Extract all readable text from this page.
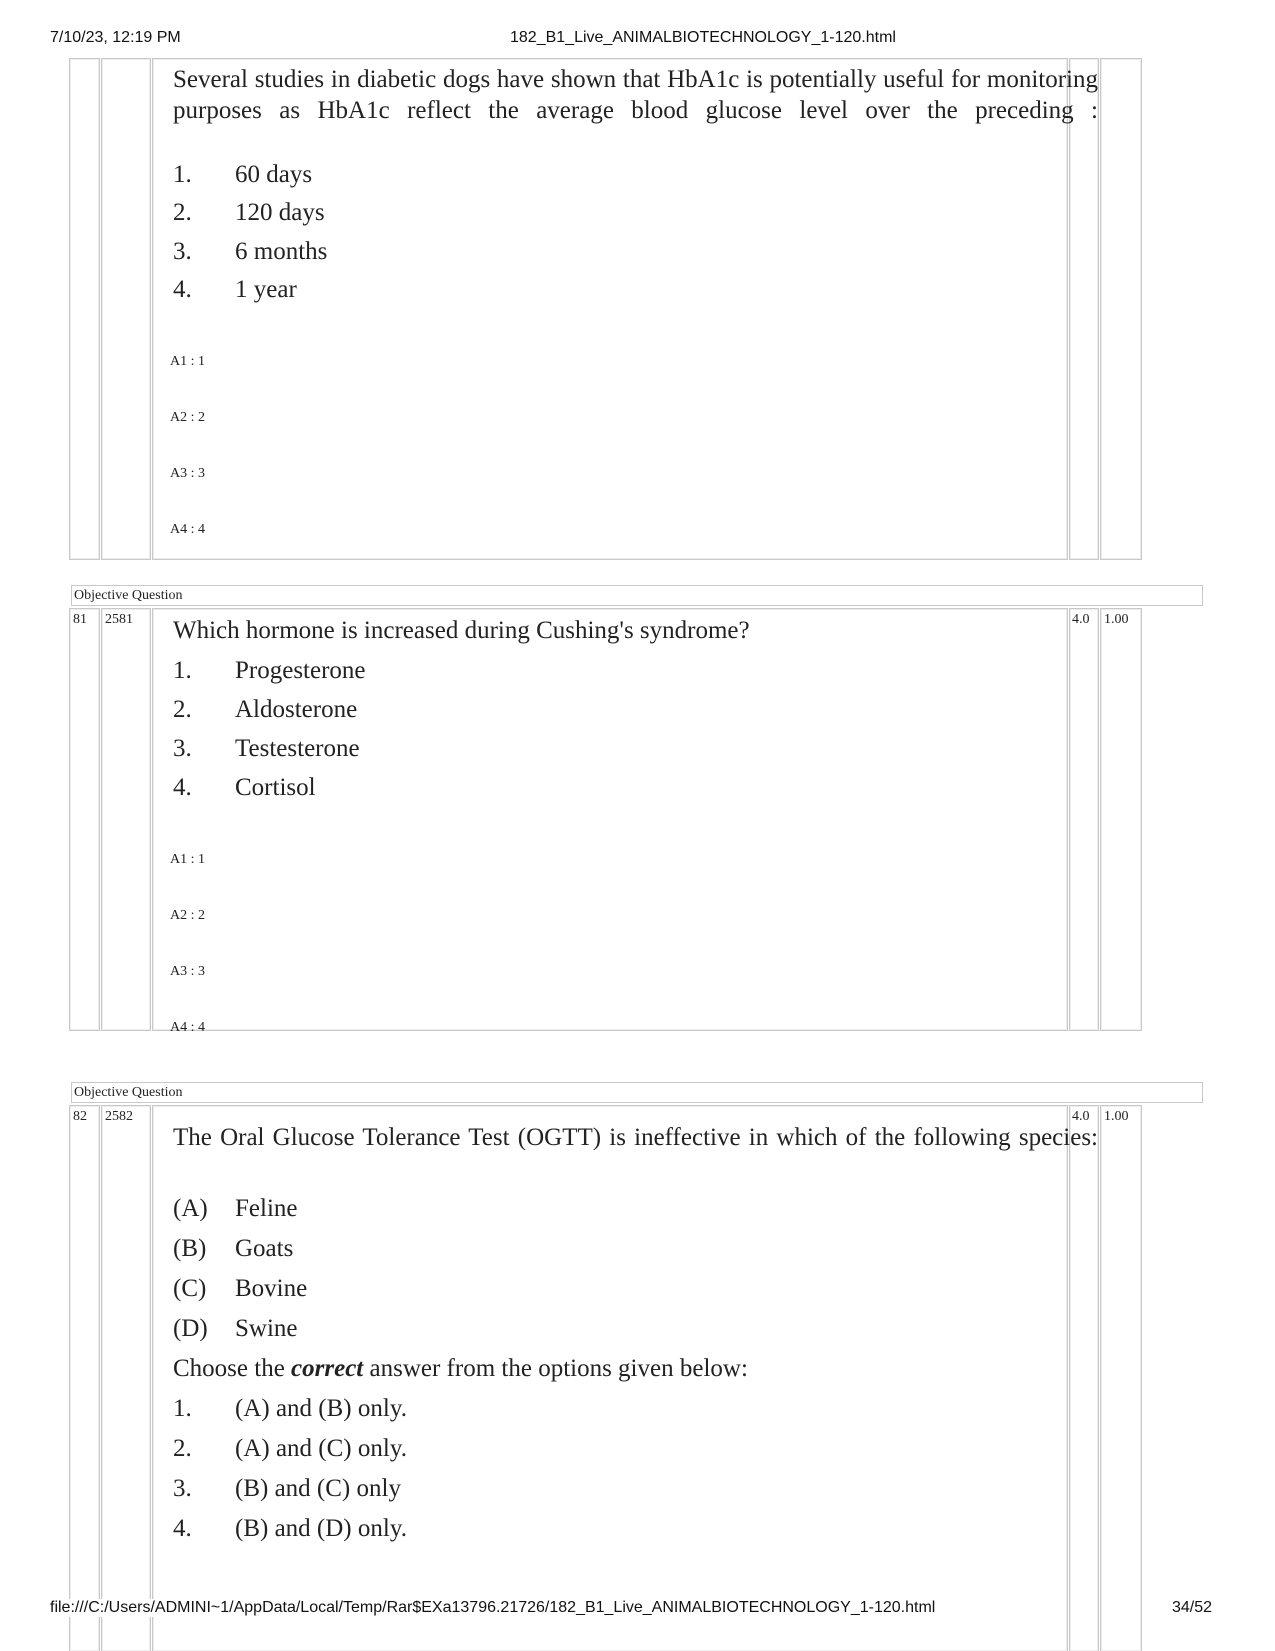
7/10/23, 12:19 PM	182_B1_Live_ANIMALBIOTECHNOLOGY_1-120.html
Several studies in diabetic dogs have shown that HbA1c is potentially useful for monitoring purposes as HbA1c reflect the average blood glucose level over the preceding :
1. 60 days
2. 120 days
3. 6 months
4. 1 year
A1 : 1
A2 : 2
A3 : 3
A4 : 4
Objective Question
81 2581	4.0 1.00
Which hormone is increased during Cushing's syndrome?
1. Progesterone
2. Aldosterone
3. Testesterone
4. Cortisol
A1 : 1
A2 : 2
A3 : 3
A4 : 4
Objective Question
82 2582	4.0 1.00
The Oral Glucose Tolerance Test (OGTT) is ineffective in which of the following species:
(A) Feline
(B) Goats
(C) Bovine
(D) Swine
Choose the correct answer from the options given below:
1. (A) and (B) only.
2. (A) and (C) only.
3. (B) and (C) only
4. (B) and (D) only.
file:///C:/Users/ADMINI~1/AppData/Local/Temp/Rar$EXa13796.21726/182_B1_Live_ANIMALBIOTECHNOLOGY_1-120.html	34/52
